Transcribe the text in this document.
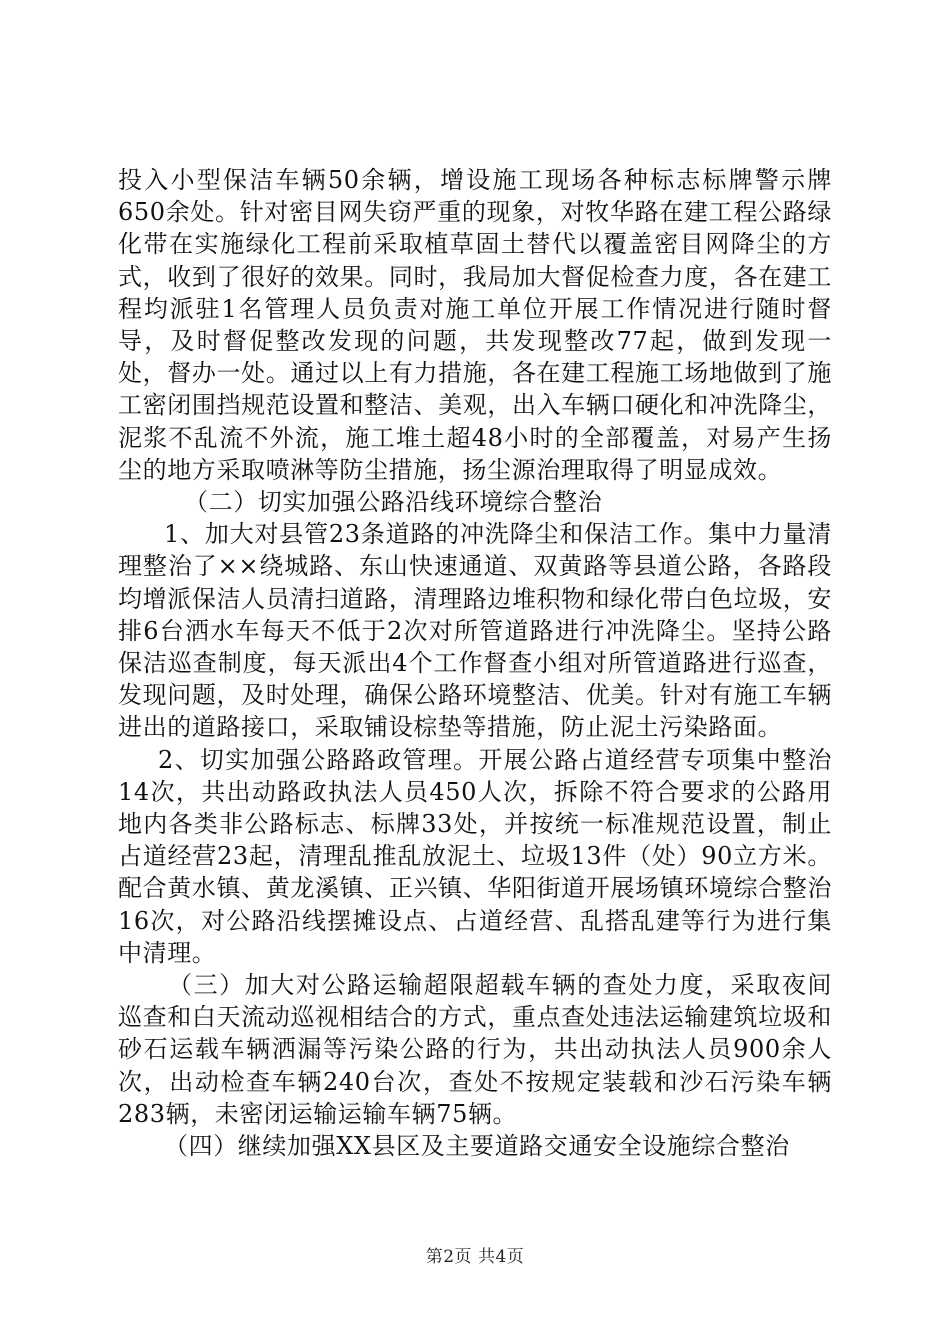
投入小型保洁车辆50余辆，增设施工现场各种标志标牌警示牌650余处。针对密目网失窃严重的现象，对牧华路在建工程公路绿化带在实施绿化工程前采取植草固土替代以覆盖密目网降尘的方式，收到了很好的效果。同时，我局加大督促检查力度，各在建工程均派驻1名管理人员负责对施工单位开展工作情况进行随时督导，及时督促整改发现的问题，共发现整改77起，做到发现一处，督办一处。通过以上有力措施，各在建工程施工场地做到了施工密闭围挡规范设置和整洁、美观，出入车辆口硬化和冲洗降尘，泥浆不乱流不外流，施工堆土超48小时的全部覆盖，对易产生扬尘的地方采取喷淋等防尘措施，扬尘源治理取得了明显成效。

（二）切实加强公路沿线环境综合整治

1、加大对县管23条道路的冲洗降尘和保洁工作。集中力量清理整治了××绕城路、东山快速通道、双黄路等县道公路，各路段均增派保洁人员清扫道路，清理路边堆积物和绿化带白色垃圾，安排6台洒水车每天不低于2次对所管道路进行冲洗降尘。坚持公路保洁巡查制度，每天派出4个工作督查小组对所管道路进行巡查，发现问题，及时处理，确保公路环境整洁、优美。针对有施工车辆进出的道路接口，采取铺设棕垫等措施，防止泥土污染路面。

2、切实加强公路路政管理。开展公路占道经营专项集中整治14次，共出动路政执法人员450人次，拆除不符合要求的公路用地内各类非公路标志、标牌33处，并按统一标准规范设置，制止占道经营23起，清理乱推乱放泥土、垃圾13件（处）90立方米。配合黄水镇、黄龙溪镇、正兴镇、华阳街道开展场镇环境综合整治16次，对公路沿线摆摊设点、占道经营、乱搭乱建等行为进行集中清理。

（三）加大对公路运输超限超载车辆的查处力度，采取夜间巡查和白天流动巡视相结合的方式，重点查处违法运输建筑垃圾和砂石运载车辆洒漏等污染公路的行为，共出动执法人员900余人次，出动检查车辆240台次，查处不按规定装载和沙石污染车辆283辆，未密闭运输运输车辆75辆。

（四）继续加强XX县区及主要道路交通安全设施综合整治

第2页 共4页
